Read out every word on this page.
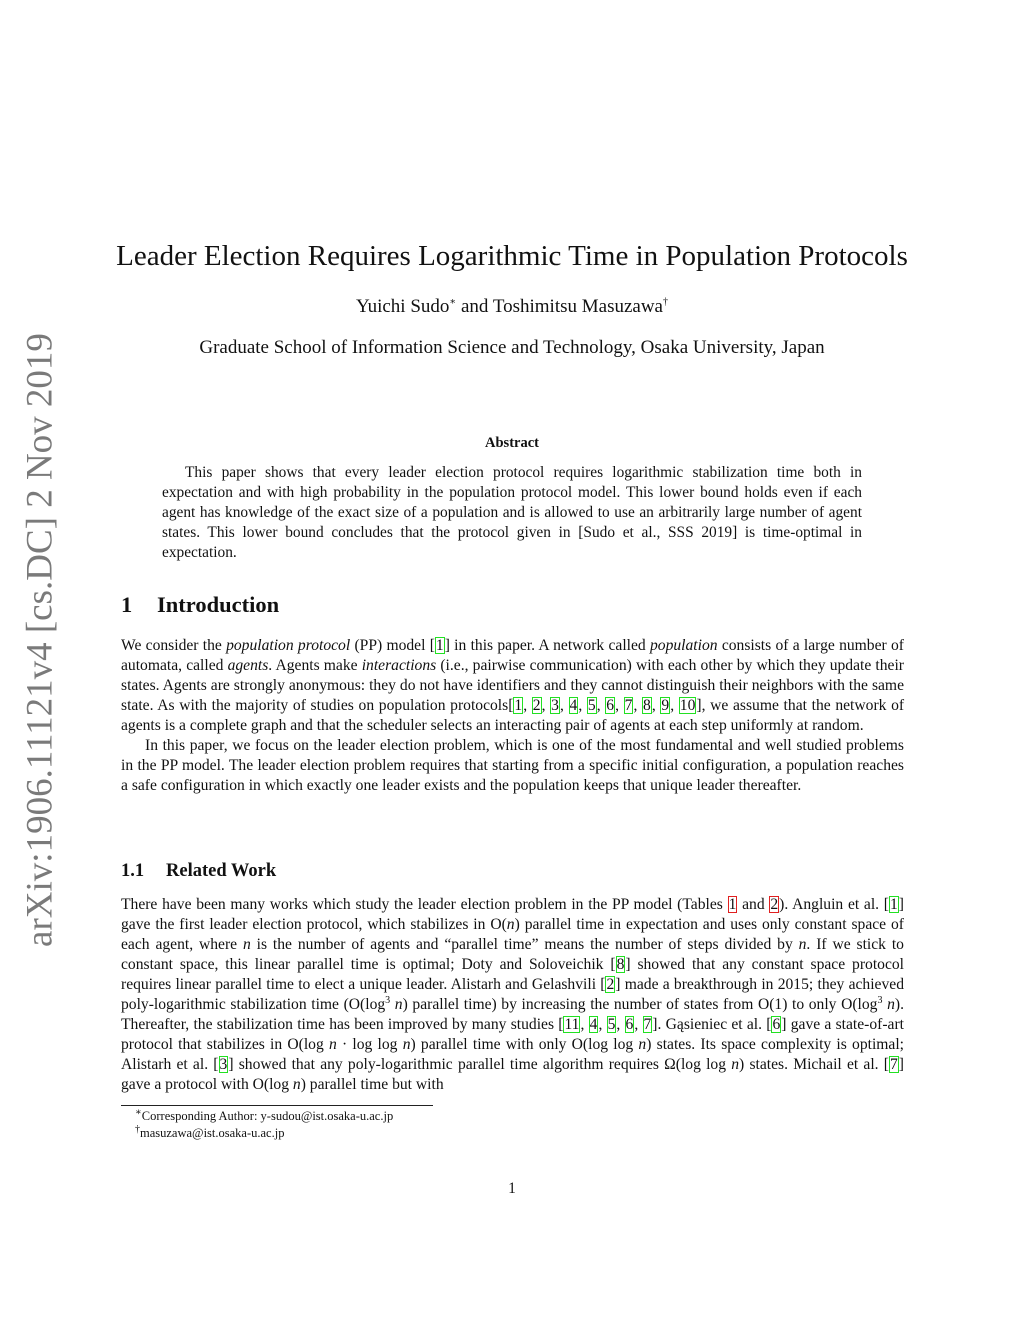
arXiv:1906.11121v4 [cs.DC] 2 Nov 2019
Leader Election Requires Logarithmic Time in Population Protocols
Yuichi Sudo∗ and Toshimitsu Masuzawa†
Graduate School of Information Science and Technology, Osaka University, Japan
Abstract
This paper shows that every leader election protocol requires logarithmic stabilization time both in expectation and with high probability in the population protocol model. This lower bound holds even if each agent has knowledge of the exact size of a population and is allowed to use an arbitrarily large number of agent states. This lower bound concludes that the protocol given in [Sudo et al., SSS 2019] is time-optimal in expectation.
1 Introduction

We consider the population protocol (PP) model [1] in this paper. A network called population consists of a large number of automata, called agents. Agents make interactions (i.e., pairwise communication) with each other by which they update their states. Agents are strongly anonymous: they do not have identifiers and they cannot distinguish their neighbors with the same state. As with the majority of studies on population protocols[1, 2, 3, 4, 5, 6, 7, 8, 9, 10], we assume that the network of agents is a complete graph and that the scheduler selects an interacting pair of agents at each step uniformly at random.

In this paper, we focus on the leader election problem, which is one of the most fundamental and well studied problems in the PP model. The leader election problem requires that starting from a specific initial configuration, a population reaches a safe configuration in which exactly one leader exists and the population keeps that unique leader thereafter.

1.1 Related Work

There have been many works which study the leader election problem in the PP model (Tables 1 and 2). Angluin et al. [1] gave the first leader election protocol, which stabilizes in O(n) parallel time in expectation and uses only constant space of each agent, where n is the number of agents and “parallel time” means the number of steps divided by n. If we stick to constant space, this linear parallel time is optimal; Doty and Soloveichik [8] showed that any constant space protocol requires linear parallel time to elect a unique leader. Alistarh and Gelashvili [2] made a breakthrough in 2015; they achieved poly-logarithmic stabilization time ($O(\log^3$ n) parallel time) by increasing the number of states from O(1) to only $O(\log^3$ n). Thereafter, the stabilization time has been improved by many studies [11, 4, 5, 6, 7]. Gąsieniec et al. [6] gave a state-of-art protocol that stabilizes in O(log n · log log n) parallel time with only O(log log n) states. Its space complexity is optimal; Alistarh et al. [3] showed that any poly-logarithmic parallel time algorithm requires Ω(log log n) states. Michail et al. [7] gave a protocol with O(log n) parallel time but with

∗Corresponding Author: y-sudou@ist.osaka-u.ac.jp
†masuzawa@ist.osaka-u.ac.jp
1
